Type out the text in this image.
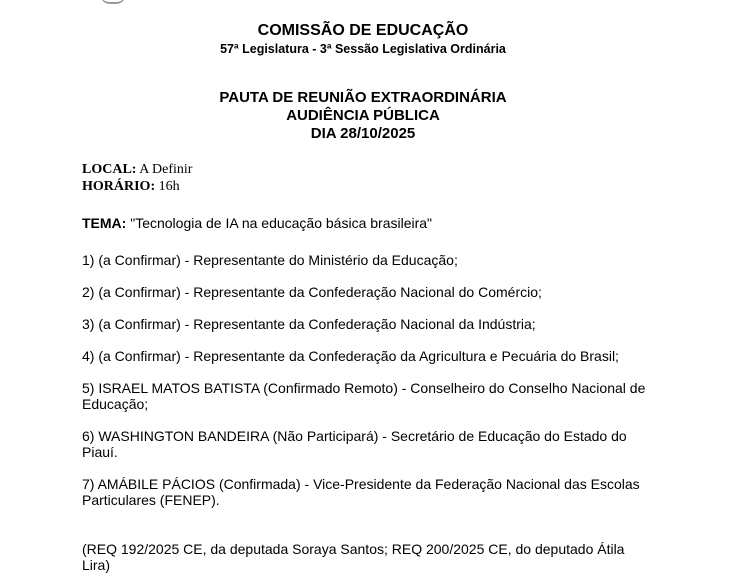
COMISSÃO DE EDUCAÇÃO
57ª Legislatura - 3ª Sessão Legislativa Ordinária
PAUTA DE REUNIÃO EXTRAORDINÁRIA
AUDIÊNCIA PÚBLICA
DIA 28/10/2025
LOCAL: A Definir
HORÁRIO: 16h
TEMA: "Tecnologia de IA na educação básica brasileira"
1) (a Confirmar) - Representante do Ministério da Educação;
2) (a Confirmar) - Representante da Confederação Nacional do Comércio;
3) (a Confirmar) - Representante da Confederação Nacional da Indústria;
4) (a Confirmar) - Representante da Confederação da Agricultura e Pecuária do Brasil;
5) ISRAEL MATOS BATISTA (Confirmado Remoto) - Conselheiro do Conselho Nacional de Educação;
6) WASHINGTON BANDEIRA (Não Participará) - Secretário de Educação do Estado do Piauí.
7) AMÁBILE PÁCIOS (Confirmada) - Vice-Presidente da Federação Nacional das Escolas Particulares (FENEP).
(REQ 192/2025 CE, da deputada Soraya Santos; REQ 200/2025 CE, do deputado Átila Lira)
